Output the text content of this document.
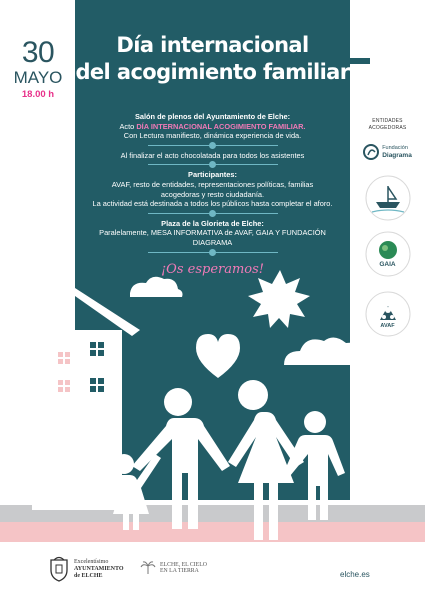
30
MAYO
18.00 h
Día internacional
del acogimiento familiar
Salón de plenos del Ayuntamiento de Elche:
Acto DÍA INTERNACIONAL ACOGIMIENTO FAMILIAR.
Con Lectura manifiesto, dinámica experiencia de vida.
Al finalizar el acto chocolatada para todos los asistentes
Participantes:
AVAF, resto de entidades, representaciones políticas, familias acogedoras y resto ciudadanía.
La actividad está destinada a todos los públicos hasta completar el aforo.
Plaza de la Glorieta de Elche:
Paralelamente, MESA INFORMATIVA de AVAF, GAIA Y FUNDACIÓN DIAGRAMA
¡Os esperamos!
ENTIDADES ACOGEDORAS
Fundación
Diagrama
GAIA
AVAF
Excelentísimo
AYUNTAMIENTO
de ELCHE
ELCHE, EL CIELO
EN LA TIERRA	elche.es
